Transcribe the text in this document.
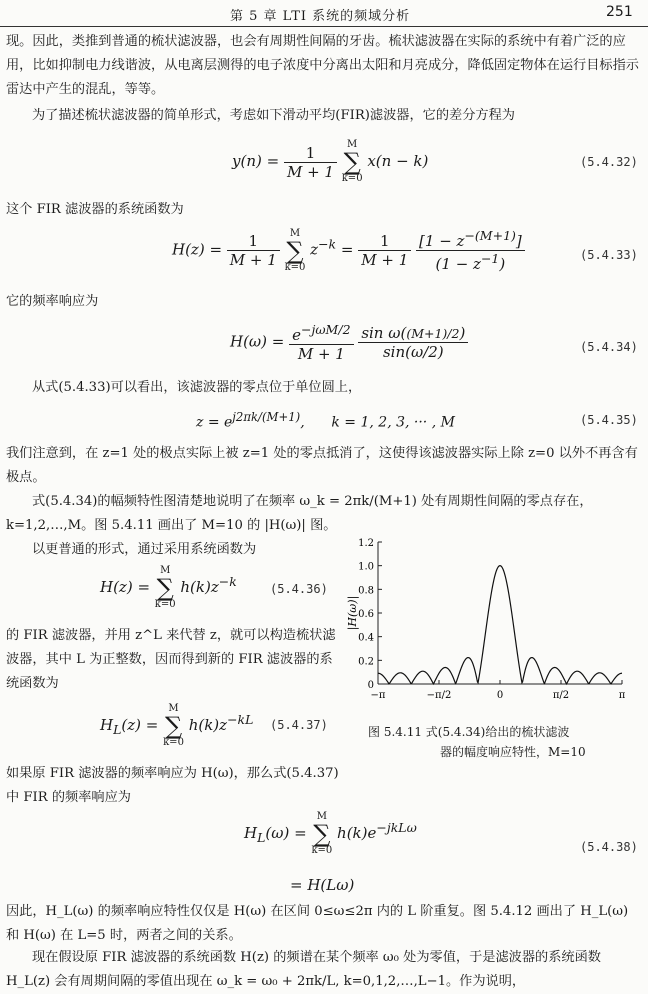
第 5 章 LTI 系统的频域分析	251

现。因此，类推到普通的梳状滤波器，也会有周期性间隔的牙齿。梳状滤波器在实际的系统中有着广泛的应用，比如抑制电力线谐波，从电离层测得的电子浓度中分离出太阳和月亮成分，降低固定物体在运行目标指示雷达中产生的混乱，等等。

为了描述梳状滤波器的简单形式，考虑如下滑动平均(FIR)滤波器，它的差分方程为

$y(n) = \frac{1}{M + 1}$
	M
∑
k=0
x(n − k)	(5.4.32)

这个 FIR 滤波器的系统函数为

$H(z) = \frac{1}{M + 1}$
	M
∑
k=0
$z^{-k} = \frac{1}{M + 1}$
$\frac{[1 - z^{-(M+1)}]}{(1 - z^{-1})}$	(5.4.33)

它的频率响应为

$H(\omega) = \frac{e^{-j\omega M/2}}{M + 1}$
$\frac{\text{sin ω((M+1)/2)}}{\sin(\omega/2)}$	(5.4.34)

从式(5.4.33)可以看出，该滤波器的零点位于单位圆上，

$z = e^{j2\pi k/(M+1)}$,      k = 1, 2, 3, ··· , M	(5.4.35)

我们注意到，在 z=1 处的极点实际上被 z=1 处的零点抵消了，这使得该滤波器实际上除 z=0 以外不再含有极点。

式(5.4.34)的幅频特性图清楚地说明了在频率 ω_k = 2πk/(M+1) 处有周期性间隔的零点存在，k=1,2,…,M。图 5.4.11 画出了 M=10 的 |H(ω)| 图。

以更普通的形式，通过采用系统函数为

H(z) =
M
∑
k=0
$h(k)z^{-k}$	(5.4.36)

的 FIR 滤波器，并用 z^L 来代替 z，就可以构造梳状滤波器，其中 L 为正整数，因而得到新的 FIR 滤波器的系统函数为

$H_L(z)$ =
M
∑
k=0
$h(k)z^{-kL}$ (5.4.37)

如果原 FIR 滤波器的频率响应为 H(ω)，那么式(5.4.37)中 FIR 的频率响应为

$H_L(\omega)$ =
M
∑
k=0
$h(k)e^{-jkL\omega}$
(5.4.38)
= H(Lω)

因此，H_L(ω) 的频率响应特性仅仅是 H(ω) 在区间 0≤ω≤2π 内的 L 阶重复。图 5.4.12 画出了 H_L(ω) 和 H(ω) 在 L=5 时，两者之间的关系。

现在假设原 FIR 滤波器的系统函数 H(z) 的频谱在某个频率 ω₀ 处为零值，于是滤波器的系统函数 H_L(z) 会有周期间隔的零值出现在 ω_k = ω₀ + 2πk/L, k=0,1,2,…,L−1。作为说明，

0
0.2
0.4
0.6
0.8
1.0
1.2
−π	−π/2	0	π/2	π
|H(ω)|
图 5.4.11 式(5.4.34)给出的梳状滤波
器的幅度响应特性，M=10
